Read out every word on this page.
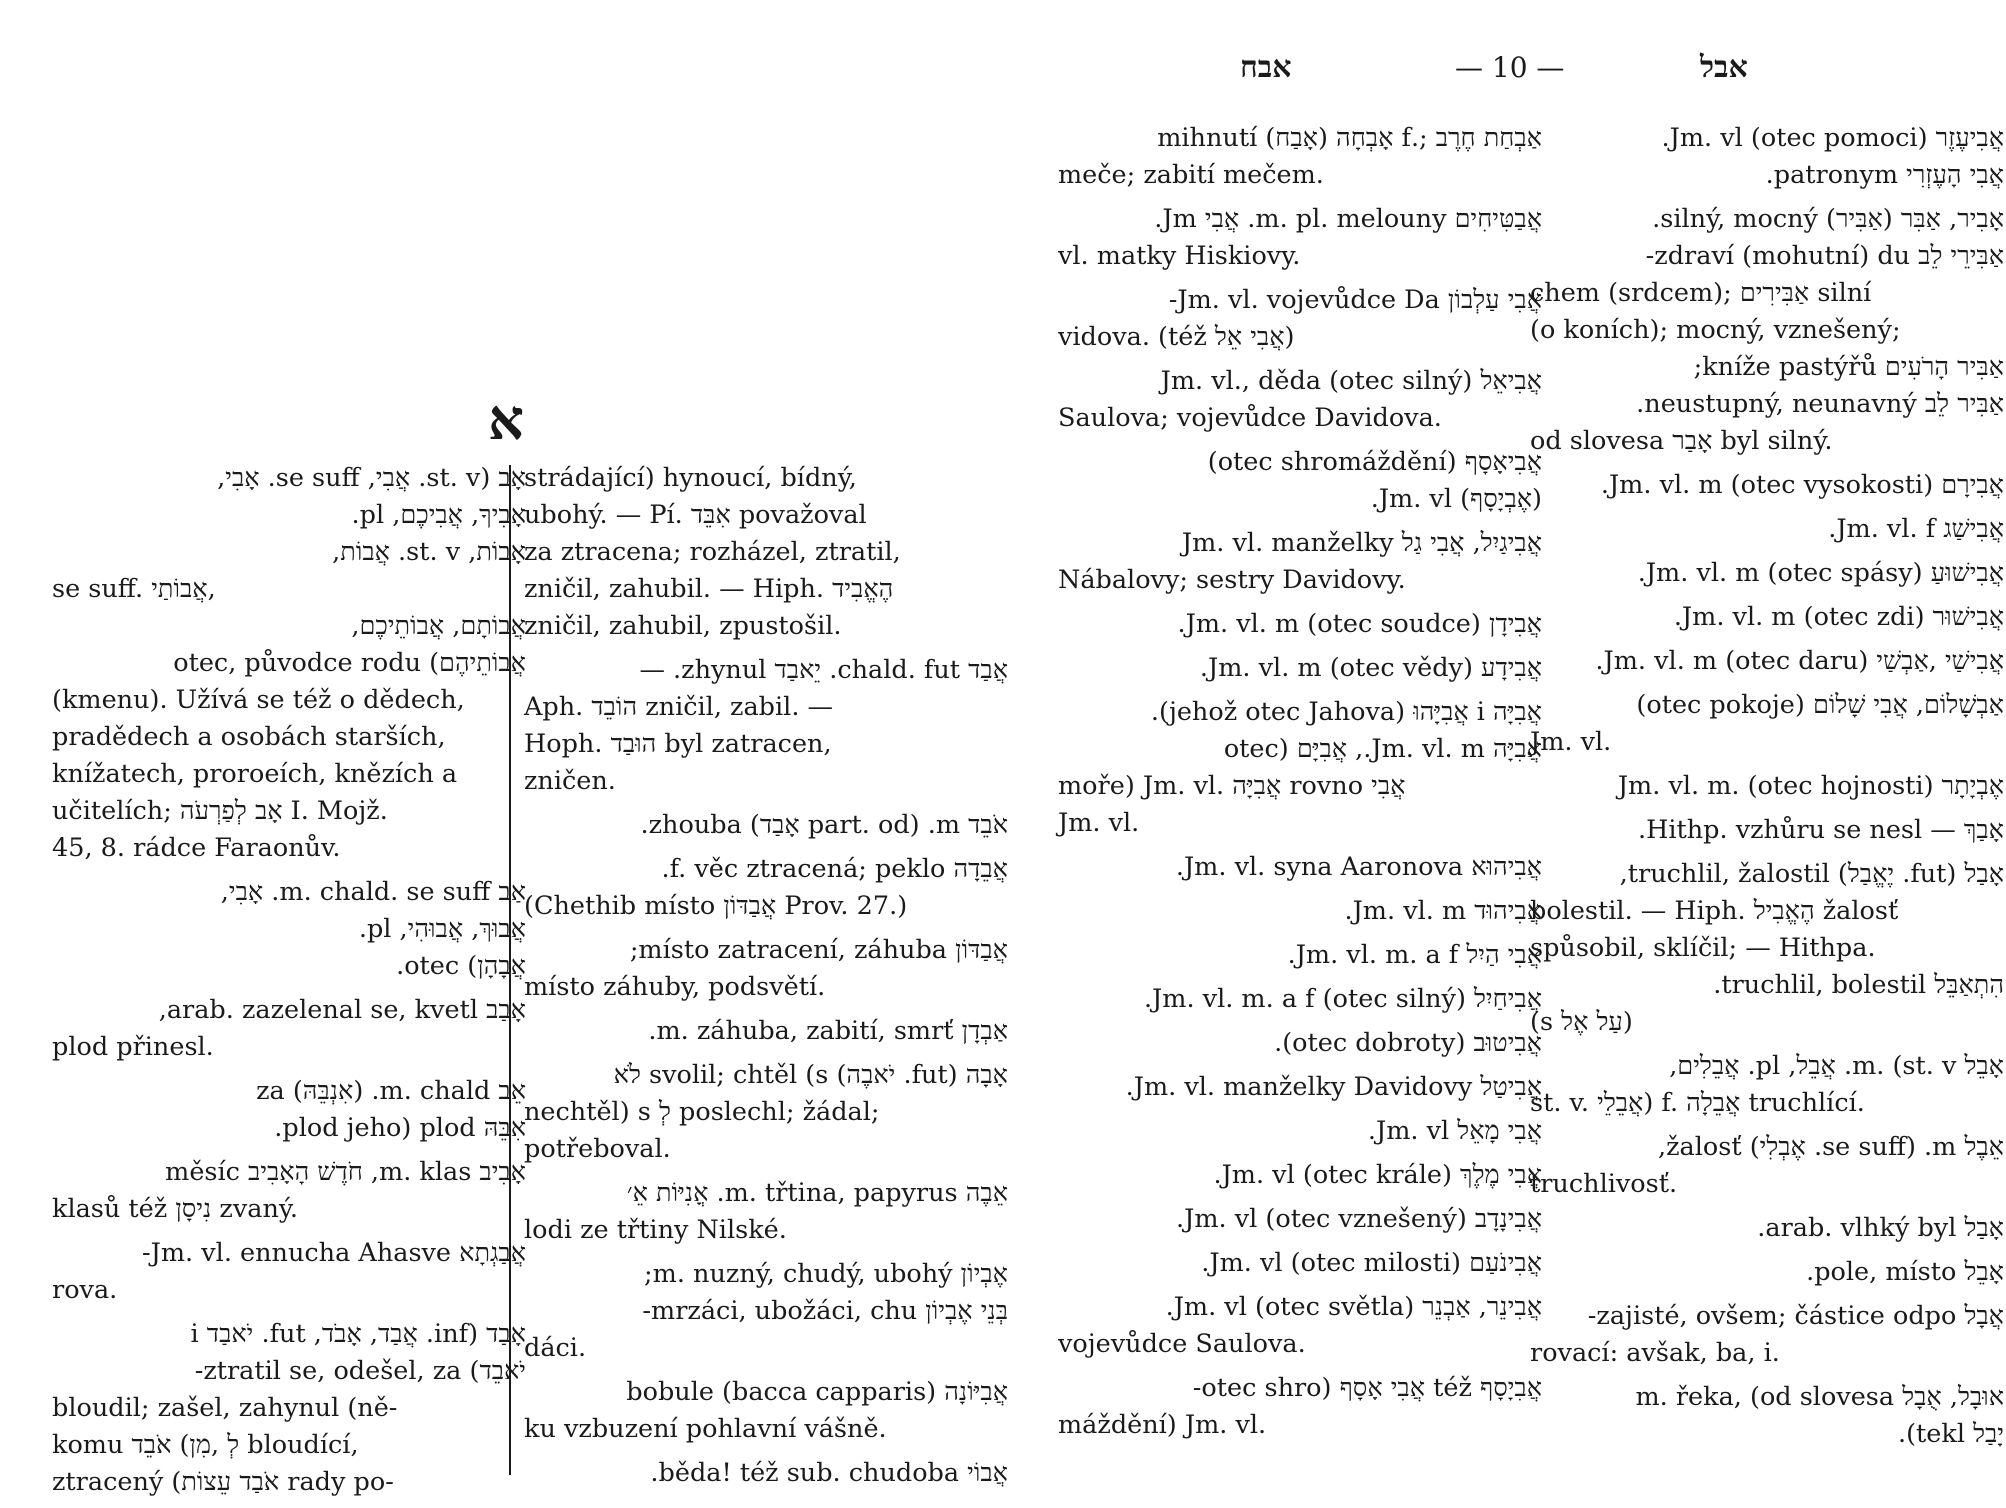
אבח	— 10 —	אבל
א
אָב (st. v. אֲבִי, se suff. אָבִי,
אָבִיךָ, אֲבִיכֶם, pl.
אָבוֹת, st. v. אֲבוֹת,
se suff. אֲבוֹתַי,
אֲבוֹתָם, אֲבוֹתֵיכֶם,
אֲבוֹתֵיהֶם) otec, původce rodu
(kmenu). Užívá se též o dědech,
pradědech a osobách starších,
knížatech, proroeích, knězích a
učitelích; אָב לְפַרְעֹה I. Mojž.
45, 8. rádce Faraonův.
אַב m. chald. se suff. אָבִי,
אֲבוּךְ, אֲבוּהִי, pl.
אֲבָהָן) otec.
אָבַב arab. zazelenal se, kvetl,
plod přinesl.
אֵב m. chald. (אִנְבֵּהּ) za
אִבֵּהּ plod jeho) plod.
אָבִיב m. klas, חֹדֶשׁ הָאָבִיב měsíc
klasů též נִיסָן zvaný.
אֲבַגְתָא Jm. vl. ennucha Ahasve-
rova.
אָבַד (inf. אֲבַד, אָבֹד, fut. יֹאבַד i
יֹאבֵד) ztratil se, odešel, za-
bloudil; zašel, zahynul (ně-
komu לְ ,מִן) אֹבֵד bloudící,
ztracený (אֹבַד עֵצוֹת rady po-
strádající) hynoucí, bídný,
ubohý. — Pí. אִבֵּד považoval
za ztracena; rozházel, ztratil,
zničil, zahubil. — Hiph. הֶאֱבִיד
zničil, zahubil, zpustošil.
אֲבַד chald. fut. יֵאבַד zhynul. —
Aph. הוֹבֵד zničil, zabil. —
Hoph. הוּבַד byl zatracen,
zničen.
אֹבֵד m. (part. od אָבַד) zhouba.
אֲבֵדָה f. věc ztracená; peklo.
(Chethib místo אֲבַדּוֹן Prov. 27.)
אֲבַדּוֹן místo zatracení, záhuba;
místo záhuby, podsvětí.
אַבְדָן m. záhuba, zabití, smrť.
אָבָה (fut. יֹאבֶה) svolil; chtěl (s לֹא
nechtěl) s לְ poslechl; žádal;
potřeboval.
אֵבֶה m. třtina, papyrus. אֳנִיּוֹת אֵ׳
lodi ze třtiny Nilské.
אֶבְיוֹן m. nuzný, chudý, ubohý;
בְּנֵי אֶבְיוֹן mrzáci, ubožáci, chu-
dáci.
אֲבִיּוֹנָה bobule (bacca capparis)
ku vzbuzení pohlavní vášně.
אֲבוֹי běda! též sub. chudoba.
אַבְחַת חֶרֶב ;.f אָבְחָה (אָבַח) mihnutí
meče; zabití mečem.
אֲבַטִּיחִים m. pl. melouny. אֲבִי Jm.
vl. matky Hiskiovy.
אֲבִי עַלְבוֹן Jm. vl. vojevůdce Da-
vidova. (též אֲבִי אֵל)
אֲבִיאֵל (otec silný) Jm. vl., děda
Saulova; vojevůdce Davidova.
אֲבִיאָסָף (otec shromáždění)
(אֶבְיָסָף) Jm. vl.
אֲבִיגַיִל, אֲבִי גַל Jm. vl. manželky
Nábalovy; sestry Davidovy.
אֲבִידָן (otec soudce) Jm. vl. m.
אֲבִידָע (otec vědy) Jm. vl. m.
אֲבִיָּה i אֲבִיָּהוּ (jehož otec Jahova).
אֲבִיָּה Jm. vl. m., אֲבִיָּם (otec
moře) Jm. vl. אֲבִיָּה rovno אֲבִי
Jm. vl.
אֲבִיהוּא Jm. vl. syna Aaronova.
אֲבִיהוּד Jm. vl. m.
אֲבִי הַיִל Jm. vl. m. a f.
אֲבִיחַיִל (otec silný) Jm. vl. m. a f.
אֲבִיטוּב (otec dobroty).
אֲבִיטַל Jm. vl. manželky Davidovy.
אֲבִי מָאֵל Jm. vl.
אֲבִי מֶלֶךְ (otec krále) Jm. vl.
אֲבִינָדָב (otec vznešený) Jm. vl.
אֲבִינֹעַם (otec milosti) Jm. vl.
אֲבִינֵר, אַבְנֵר (otec světla) Jm. vl.
vojevůdce Saulova.
אֲבִיָסָף též אֲבִי אָסָף (otec shro-
máždění) Jm. vl.
אֲבִיעֶזֶר (otec pomoci) Jm. vl.
אֲבִי הָעֶזְרִי patronym.
אָבִיר, אַבִּר (אַבִּיר) silný, mocný.
אַבִּירֵי לֵב zdraví (mohutní) du-
chem (srdcem); אַבִּירִים silní
(o koních); mocný, vznešený;
אַבִּיר הָרֹעִים kníže pastýřů;
אַבִּיר לֵב neustupný, neunavný.
od slovesa אָבַר byl silný.
אֲבִירָם (otec vysokosti) Jm. vl. m.
אֲבִישַׁג Jm. vl. f.
אֲבִישׁוּעַ (otec spásy) Jm. vl. m.
אֲבִישׁוּר (otec zdi) Jm. vl. m.
אֲבִישַׁי ,אַבְשַׁי (otec daru) Jm. vl. m.
אַבְשָׁלוֹם, אֲבִי שָׁלוֹם (otec pokoje)
Jm. vl.
אֶבְיָתָר Jm. vl. m. (otec hojnosti)
אָבַךְ — Hithp. vzhůru se nesl.
אָבַל (fut. יֶאֱבַל) truchlil, žalostil,
bolestil. — Hiph. הֶאֱבִיל žalosť
spůsobil, sklíčil; — Hithpa.
הִתְאַבֵּל truchlil, bolestil.
(s עַל אֶל)
אָבֵל m. (st. v. אֲבֵל, pl. אֲבֵלִים,
st. v. אֲבֵלֵי) f. אֲבֵלָה truchlící.
אֵבֶל m. (se suff. אֶבְלִי) žalosť,
truchlivosť.
אָבַל arab. vlhký byl.
אָבֵל pole, místo.
אֲבָל zajisté, ovšem; částice odpo-
rovací: avšak, ba, i.
אוּבָל, אֻבָל m. řeka, (od slovesa
יָבַל tekl).
